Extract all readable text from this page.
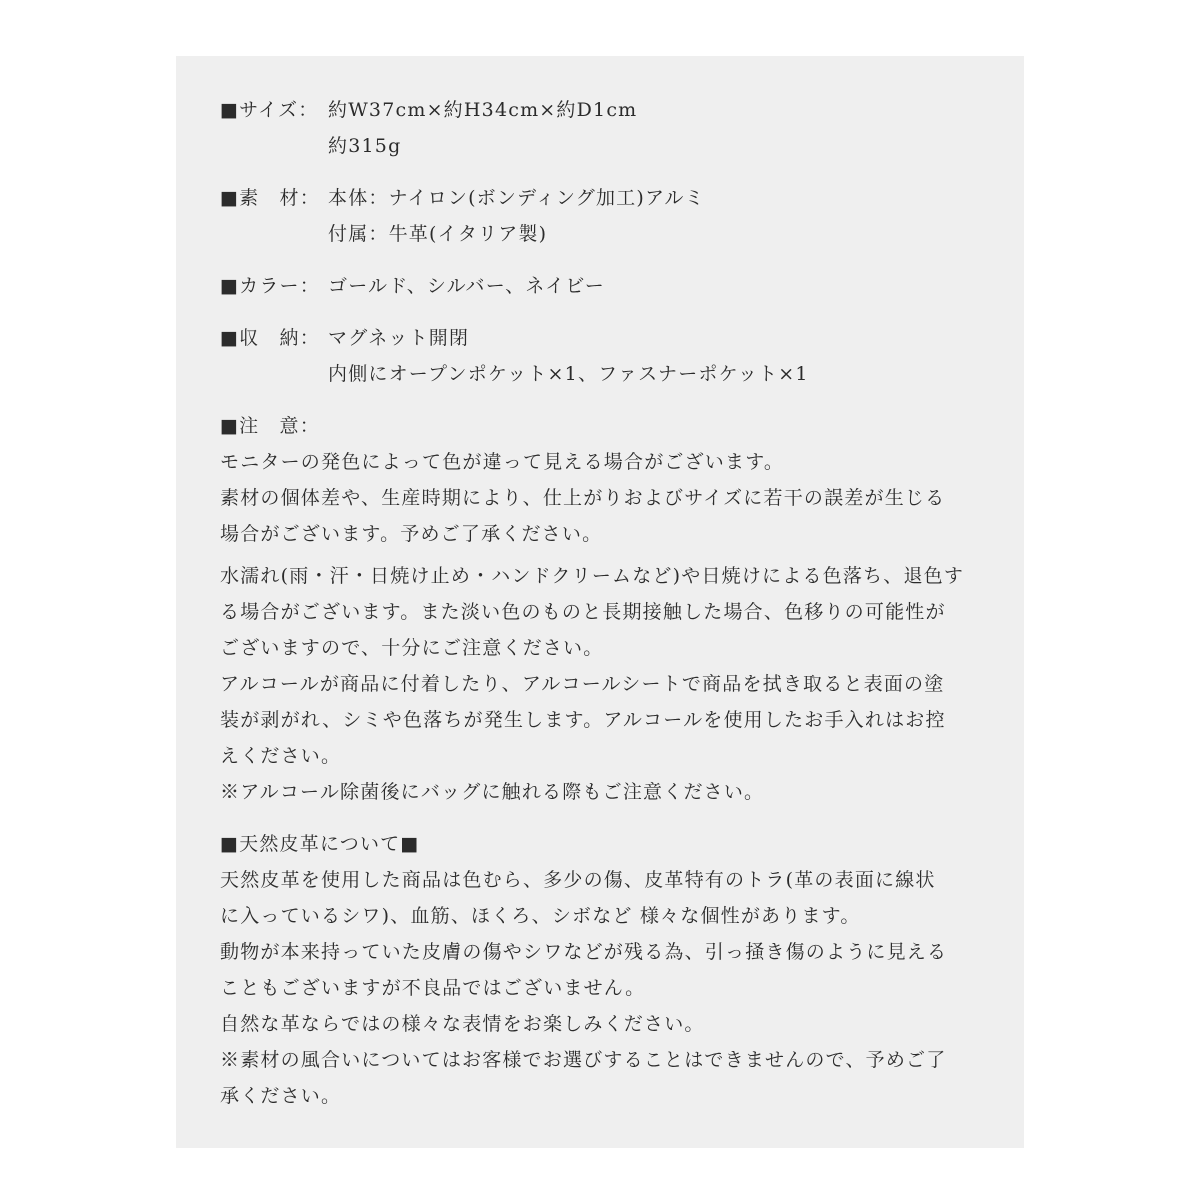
■サイズ： 約W37cm×約H34cm×約D1cm
約315g
■素　材： 本体：ナイロン(ボンディング加工)アルミ
付属：牛革(イタリア製)
■カラー： ゴールド、シルバー、ネイビー
■収　納： マグネット開閉
内側にオープンポケット×1、ファスナーポケット×1
■注　意：
モニターの発色によって色が違って見える場合がございます。
素材の個体差や、生産時期により、仕上がりおよびサイズに若干の誤差が生じる
場合がございます。予めご了承ください。
水濡れ(雨・汗・日焼け止め・ハンドクリームなど)や日焼けによる色落ち、退色す
る場合がございます。また淡い色のものと長期接触した場合、色移りの可能性が
ございますので、十分にご注意ください。
アルコールが商品に付着したり、アルコールシートで商品を拭き取ると表面の塗
装が剥がれ、シミや色落ちが発生します。アルコールを使用したお手入れはお控
えください。
※アルコール除菌後にバッグに触れる際もご注意ください。
■天然皮革について■
天然皮革を使用した商品は色むら、多少の傷、皮革特有のトラ(革の表面に線状
に入っているシワ)、血筋、ほくろ、シボなど 様々な個性があります。
動物が本来持っていた皮膚の傷やシワなどが残る為、引っ掻き傷のように見える
こともございますが不良品ではございません。
自然な革ならではの様々な表情をお楽しみください。
※素材の風合いについてはお客様でお選びすることはできませんので、予めご了
承ください。
